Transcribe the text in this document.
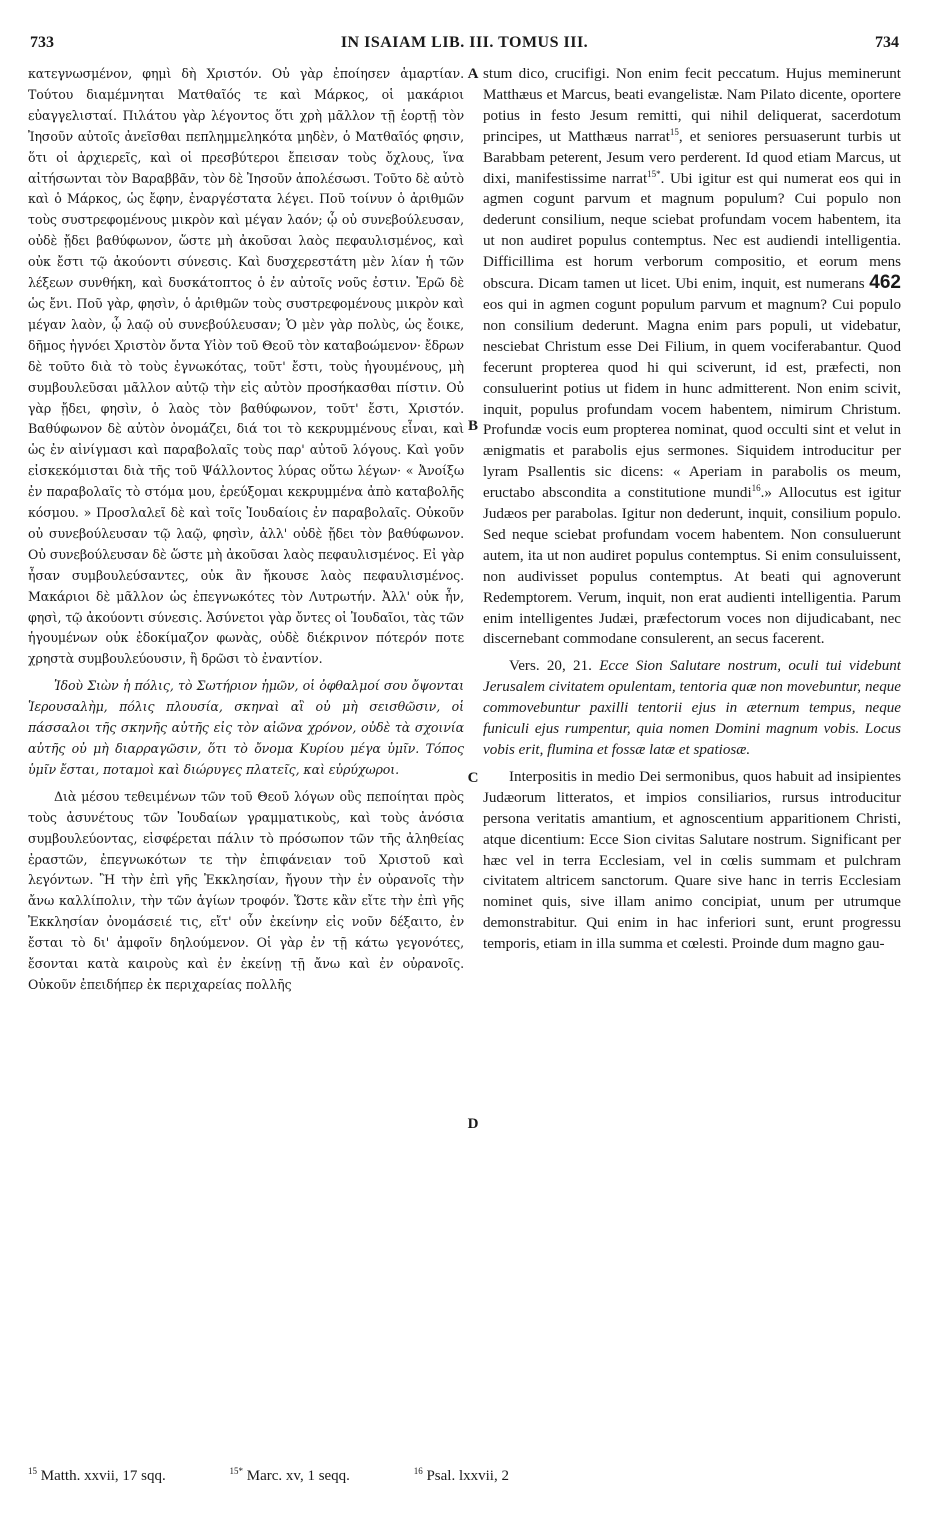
733	IN ISAIAM LIB. III. TOMUS III.	734

κατεγνωσμένον, φημὶ δὴ Χριστόν. Οὐ γὰρ ἐποίησεν ἁμαρτίαν. Τούτου διαμέμνηται Ματθαῖός τε καὶ Μάρκος, οἱ μακάριοι εὐαγγελισταί. Πιλάτου γὰρ λέγοντος ὅτι χρὴ μᾶλλον τῇ ἑορτῇ τὸν Ἰησοῦν αὐτοῖς ἀνεῖσθαι πεπλημμεληκότα μηδὲν, ὁ Ματθαῖός φησιν, ὅτι οἱ ἀρχιερεῖς, καὶ οἱ πρεσβύτεροι ἔπεισαν τοὺς ὄχλους, ἵνα αἰτήσωνται τὸν Βαραββᾶν, τὸν δὲ Ἰησοῦν ἀπολέσωσι. Τοῦτο δὲ αὐτὸ καὶ ὁ Μάρκος, ὡς ἔφην, ἐναργέστατα λέγει. Ποῦ τοίνυν ὁ ἀριθμῶν τοὺς συστρεφομένους μικρὸν καὶ μέγαν λαόν; ᾧ οὐ συνεβούλευσαν, οὐδὲ ᾔδει βαθύφωνον, ὥστε μὴ ἀκοῦσαι λαὸς πεφαυλισμένος, καὶ οὐκ ἔστι τῷ ἀκούοντι σύνεσις. Καὶ δυσχερεστάτη μὲν λίαν ἡ τῶν λέξεων συνθήκη, καὶ δυσκάτοπτος ὁ ἐν αὐτοῖς νοῦς ἐστιν. Ἐρῶ δὲ ὡς ἔνι. Ποῦ γὰρ, φησὶν, ὁ ἀριθμῶν τοὺς συστρεφομένους μικρὸν καὶ μέγαν λαὸν, ᾧ λαῷ οὐ συνεβούλευσαν; Ὁ μὲν γὰρ πολὺς, ὡς ἔοικε, δῆμος ἠγνόει Χριστὸν ὄντα Υἱὸν τοῦ Θεοῦ τὸν καταβοώμενον· ἔδρων δὲ τοῦτο διὰ τὸ τοὺς ἐγνωκότας, τοῦτ' ἔστι, τοὺς ἡγουμένους, μὴ συμβουλεῦσαι μᾶλλον αὐτῷ τὴν εἰς αὐτὸν προσήκασθαι πίστιν. Οὐ γὰρ ᾔδει, φησὶν, ὁ λαὸς τὸν βαθύφωνον, τοῦτ' ἔστι, Χριστόν. Βαθύφωνον δὲ αὐτὸν ὀνομάζει, διά τοι τὸ κεκρυμμένους εἶναι, καὶ ὡς ἐν αἰνίγμασι καὶ παραβολαῖς τοὺς παρ' αὐτοῦ λόγους. Καὶ γοῦν εἰσκεκόμισται διὰ τῆς τοῦ Ψάλλοντος λύρας οὕτω λέγων· « Ἀνοίξω ἐν παραβολαῖς τὸ στόμα μου, ἐρεύξομαι κεκρυμμένα ἀπὸ καταβολῆς κόσμου. » Προσλαλεῖ δὲ καὶ τοῖς Ἰουδαίοις ἐν παραβολαῖς. Οὐκοῦν οὐ συνεβούλευσαν τῷ λαῷ, φησὶν, ἀλλ' οὐδὲ ᾔδει τὸν βαθύφωνον. Οὐ συνεβούλευσαν δὲ ὥστε μὴ ἀκοῦσαι λαὸς πεφαυλισμένος. Εἰ γὰρ ἦσαν συμβουλεύσαντες, οὐκ ἂν ἤκουσε λαὸς πεφαυλισμένος. Μακάριοι δὲ μᾶλλον ὡς ἐπεγνωκότες τὸν Λυτρωτήν. Ἀλλ' οὐκ ἦν, φησὶ, τῷ ἀκούοντι σύνεσις. Ἀσύνετοι γὰρ ὄντες οἱ Ἰουδαῖοι, τὰς τῶν ἡγουμένων οὐκ ἐδοκίμαζον φωνὰς, οὐδὲ διέκρινον πότερόν ποτε χρηστὰ συμβουλεύουσιν, ἢ δρῶσι τὸ ἐναντίον.

Ἰδοὺ Σιὼν ἡ πόλις, τὸ Σωτήριον ἡμῶν, οἱ ὀφθαλμοί σου ὄψονται Ἱερουσαλὴμ, πόλις πλουσία, σκηναὶ αἳ οὐ μὴ σεισθῶσιν, οἱ πάσσαλοι τῆς σκηνῆς αὐτῆς εἰς τὸν αἰῶνα χρόνον, οὐδὲ τὰ σχοινία αὐτῆς οὐ μὴ διαρραγῶσιν, ὅτι τὸ ὄνομα Κυρίου μέγα ὑμῖν. Τόπος ὑμῖν ἔσται, ποταμοὶ καὶ διώρυγες πλατεῖς, καὶ εὐρύχωροι.

Διὰ μέσου τεθειμένων τῶν τοῦ Θεοῦ λόγων οὓς πεποίηται πρὸς τοὺς ἀσυνέτους τῶν Ἰουδαίων γραμματικοὺς, καὶ τοὺς ἀνόσια συμβουλεύοντας, εἰσφέρεται πάλιν τὸ πρόσωπον τῶν τῆς ἀληθείας ἐραστῶν, ἐπεγνωκότων τε τὴν ἐπιφάνειαν τοῦ Χριστοῦ καὶ λεγόντων. Ἢ τὴν ἐπὶ γῆς Ἐκκλησίαν, ἤγουν τὴν ἐν οὐρανοῖς τὴν ἄνω καλλίπολιν, τὴν τῶν ἁγίων τροφόν. Ὥστε κἂν εἴτε τὴν ἐπὶ γῆς Ἐκκλησίαν ὀνομάσειέ τις, εἴτ' οὖν ἐκείνην εἰς νοῦν δέξαιτο, ἐν ἔσται τὸ δι' ἀμφοῖν δηλούμενον. Οἱ γὰρ ἐν τῇ κάτω γεγονότες, ἔσονται κατὰ καιροὺς καὶ ἐν ἐκείνῃ τῇ ἄνω καὶ ἐν οὐρανοῖς. Οὐκοῦν ἐπειδήπερ ἐκ περιχαρείας πολλῆς

A
B
C
D

stum dico, crucifigi. Non enim fecit peccatum. Hujus meminerunt Matthæus et Marcus, beati evangelistæ. Nam Pilato dicente, oportere potius in festo Jesum remitti, qui nihil deliquerat, sacerdotum principes, ut Matthæus narrat$^{15}$, et seniores persuaserunt turbis ut Barabbam peterent, Jesum vero perderent. Id quod etiam Marcus, ut dixi, manifestissime narrat$^{15*}$. Ubi igitur est qui numerat eos qui in agmen cogunt parvum et magnum populum? Cui populo non dederunt consilium, neque sciebat profundam vocem habentem, ita ut non audiret populus contemptus. Nec est audiendi intelligentia. Difficillima est horum verborum compositio, et eorum mens obscura. Dicam tamen ut licet. Ubi enim, inquit, est numerans 462 eos qui in agmen cogunt populum parvum et magnum? Cui populo non consilium dederunt. Magna enim pars populi, ut videbatur, nesciebat Christum esse Dei Filium, in quem vociferabantur. Quod fecerunt propterea quod hi qui sciverunt, id est, præfecti, non consuluerint potius ut fidem in hunc admitterent. Non enim scivit, inquit, populus profundam vocem habentem, nimirum Christum. Profundæ vocis eum propterea nominat, quod occulti sint et velut in ænigmatis et parabolis ejus sermones. Siquidem introducitur per lyram Psallentis sic dicens: « Aperiam in parabolis os meum, eructabo abscondita a constitutione mundi$^{16}$.» Allocutus est igitur Judæos per parabolas. Igitur non dederunt, inquit, consilium populo. Sed neque sciebat profundam vocem habentem. Non consuluerunt autem, ita ut non audiret populus contemptus. Si enim consuluissent, non audivisset populus contemptus. At beati qui agnoverunt Redemptorem. Verum, inquit, non erat audienti intelligentia. Parum enim intelligentes Judæi, præfectorum voces non dijudicabant, nec discernebant commodane consulerent, an secus facerent.

Vers. 20, 21. Ecce Sion Salutare nostrum, oculi tui videbunt Jerusalem civitatem opulentam, tentoria quæ non movebuntur, neque commovebuntur paxilli tentorii ejus in æternum tempus, neque funiculi ejus rumpentur, quia nomen Domini magnum vobis. Locus vobis erit, flumina et fossæ latæ et spatiosæ.

Interpositis in medio Dei sermonibus, quos habuit ad insipientes Judæorum litteratos, et impios consiliarios, rursus introducitur persona veritatis amantium, et agnoscentium apparitionem Christi, atque dicentium: Ecce Sion civitas Salutare nostrum. Significant per hæc vel in terra Ecclesiam, vel in cœlis summam et pulchram civitatem altricem sanctorum. Quare sive hanc in terris Ecclesiam nominet quis, sive illam animo concipiat, unum per utrumque demonstrabitur. Qui enim in hac inferiori sunt, erunt progressu temporis, etiam in illa summa et cœlesti. Proinde dum magno gau-

$^{15}$ Matth. xxvii, 17 sqq.	$^{15*}$ Marc. xv, 1 seqq.	$^{16}$ Psal. lxxvii, 2
